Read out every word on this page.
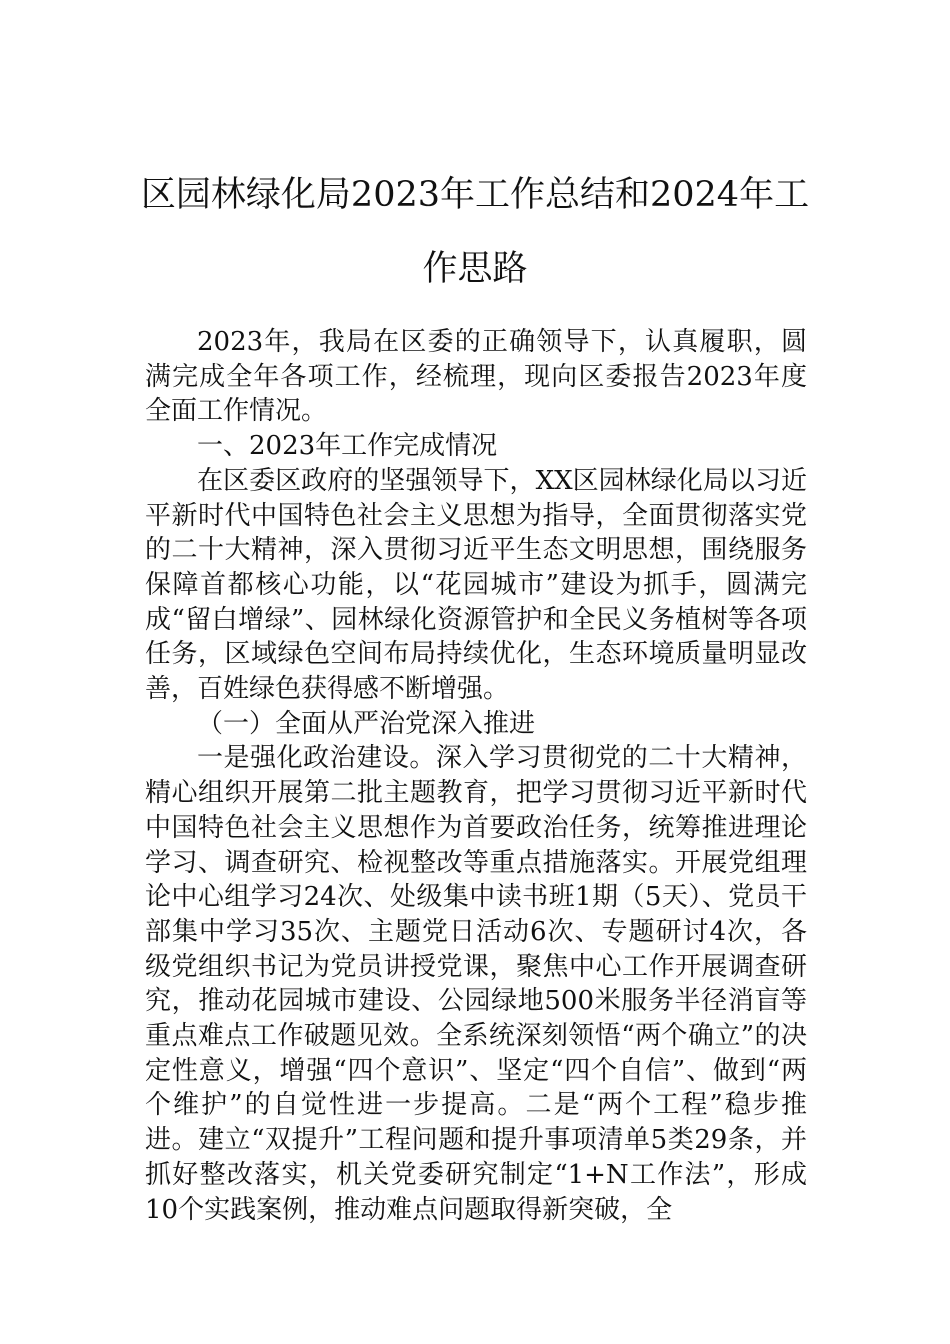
区园林绿化局2023年工作总结和2024年工作思路

2023年，我局在区委的正确领导下，认真履职，圆满完成全年各项工作，经梳理，现向区委报告2023年度全面工作情况。

一、2023年工作完成情况

在区委区政府的坚强领导下，XX区园林绿化局以习近平新时代中国特色社会主义思想为指导，全面贯彻落实党的二十大精神，深入贯彻习近平生态文明思想，围绕服务保障首都核心功能，以“花园城市”建设为抓手，圆满完成“留白增绿”、园林绿化资源管护和全民义务植树等各项任务，区域绿色空间布局持续优化，生态环境质量明显改善，百姓绿色获得感不断增强。

（一）全面从严治党深入推进

一是强化政治建设。深入学习贯彻党的二十大精神，精心组织开展第二批主题教育，把学习贯彻习近平新时代中国特色社会主义思想作为首要政治任务，统筹推进理论学习、调查研究、检视整改等重点措施落实。开展党组理论中心组学习24次、处级集中读书班1期（5天）、党员干部集中学习35次、主题党日活动6次、专题研讨4次，各级党组织书记为党员讲授党课，聚焦中心工作开展调查研究，推动花园城市建设、公园绿地500米服务半径消盲等重点难点工作破题见效。全系统深刻领悟“两个确立”的决定性意义，增强“四个意识”、坚定“四个自信”、做到“两个维护”的自觉性进一步提高。二是“两个工程”稳步推进。建立“双提升”工程问题和提升事项清单5类29条，并抓好整改落实，机关党委研究制定“1+N工作法”，形成10个实践案例，推动难点问题取得新突破，全
